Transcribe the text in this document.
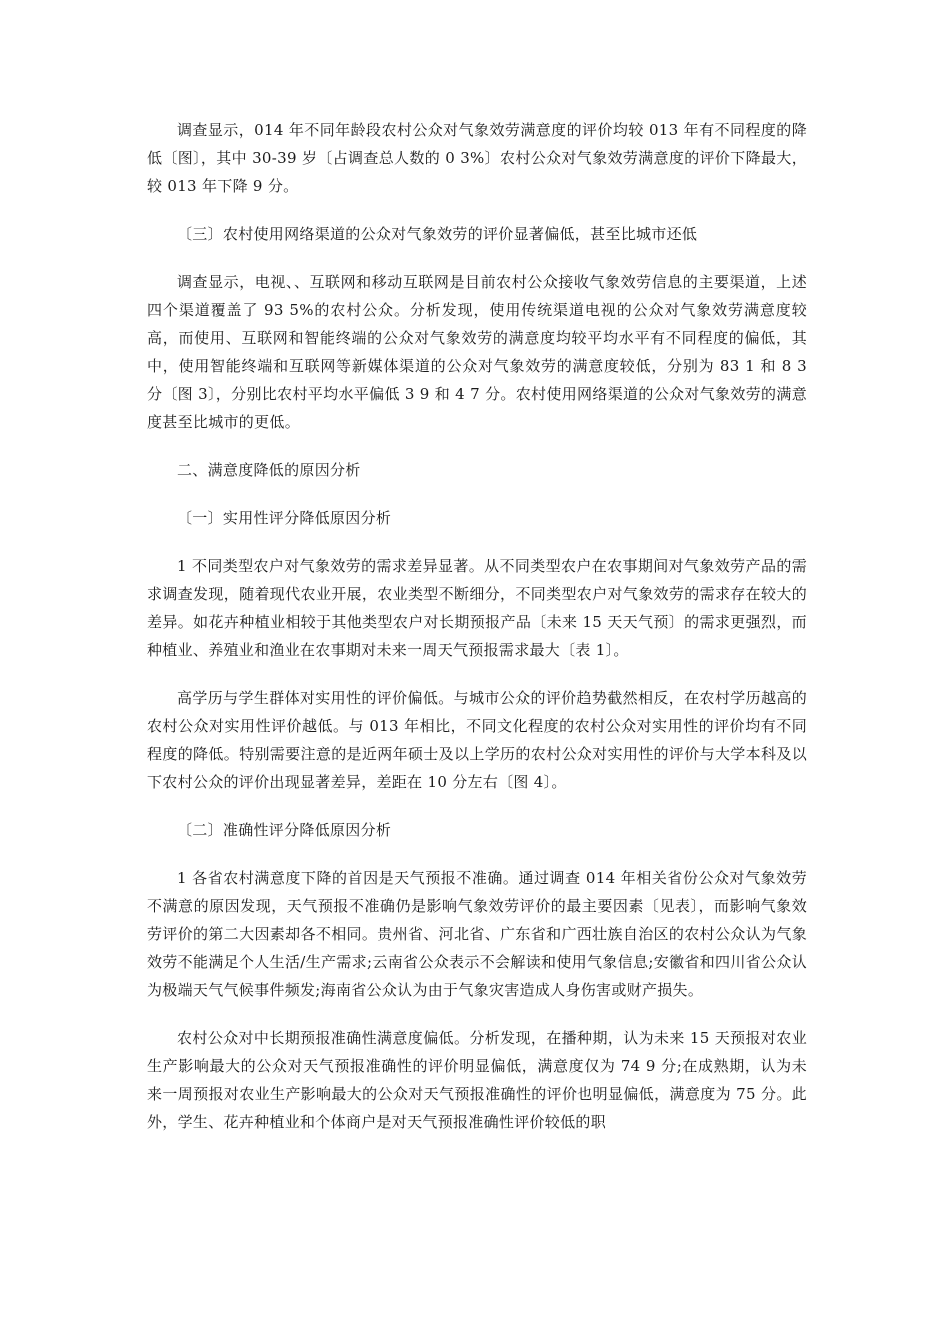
调查显示，014 年不同年龄段农村公众对气象效劳满意度的评价均较 013 年有不同程度的降低〔图〕，其中 30-39 岁〔占调查总人数的 0 3%〕农村公众对气象效劳满意度的评价下降最大，较 013 年下降 9 分。

〔三〕农村使用网络渠道的公众对气象效劳的评价显著偏低，甚至比城市还低

调查显示，电视、、互联网和移动互联网是目前农村公众接收气象效劳信息的主要渠道，上述四个渠道覆盖了 93 5%的农村公众。分析发现，使用传统渠道电视的公众对气象效劳满意度较高，而使用、互联网和智能终端的公众对气象效劳的满意度均较平均水平有不同程度的偏低，其中，使用智能终端和互联网等新媒体渠道的公众对气象效劳的满意度较低，分别为 83 1 和 8 3 分〔图 3〕，分别比农村平均水平偏低 3 9 和 4 7 分。农村使用网络渠道的公众对气象效劳的满意度甚至比城市的更低。

二、满意度降低的原因分析

〔一〕实用性评分降低原因分析

1 不同类型农户对气象效劳的需求差异显著。从不同类型农户在农事期间对气象效劳产品的需求调查发现，随着现代农业开展，农业类型不断细分，不同类型农户对气象效劳的需求存在较大的差异。如花卉种植业相较于其他类型农户对长期预报产品〔未来 15 天天气预〕的需求更强烈，而种植业、养殖业和渔业在农事期对未来一周天气预报需求最大〔表 1〕。

高学历与学生群体对实用性的评价偏低。与城市公众的评价趋势截然相反，在农村学历越高的农村公众对实用性评价越低。与 013 年相比，不同文化程度的农村公众对实用性的评价均有不同程度的降低。特别需要注意的是近两年硕士及以上学历的农村公众对实用性的评价与大学本科及以下农村公众的评价出现显著差异，差距在 10 分左右〔图 4〕。

〔二〕准确性评分降低原因分析

1 各省农村满意度下降的首因是天气预报不准确。通过调查 014 年相关省份公众对气象效劳不满意的原因发现，天气预报不准确仍是影响气象效劳评价的最主要因素〔见表〕，而影响气象效劳评价的第二大因素却各不相同。贵州省、河北省、广东省和广西壮族自治区的农村公众认为气象效劳不能满足个人生活/生产需求;云南省公众表示不会解读和使用气象信息;安徽省和四川省公众认为极端天气气候事件频发;海南省公众认为由于气象灾害造成人身伤害或财产损失。

农村公众对中长期预报准确性满意度偏低。分析发现，在播种期，认为未来 15 天预报对农业生产影响最大的公众对天气预报准确性的评价明显偏低，满意度仅为 74 9 分;在成熟期，认为未来一周预报对农业生产影响最大的公众对天气预报准确性的评价也明显偏低，满意度为 75 分。此外，学生、花卉种植业和个体商户是对天气预报准确性评价较低的职
